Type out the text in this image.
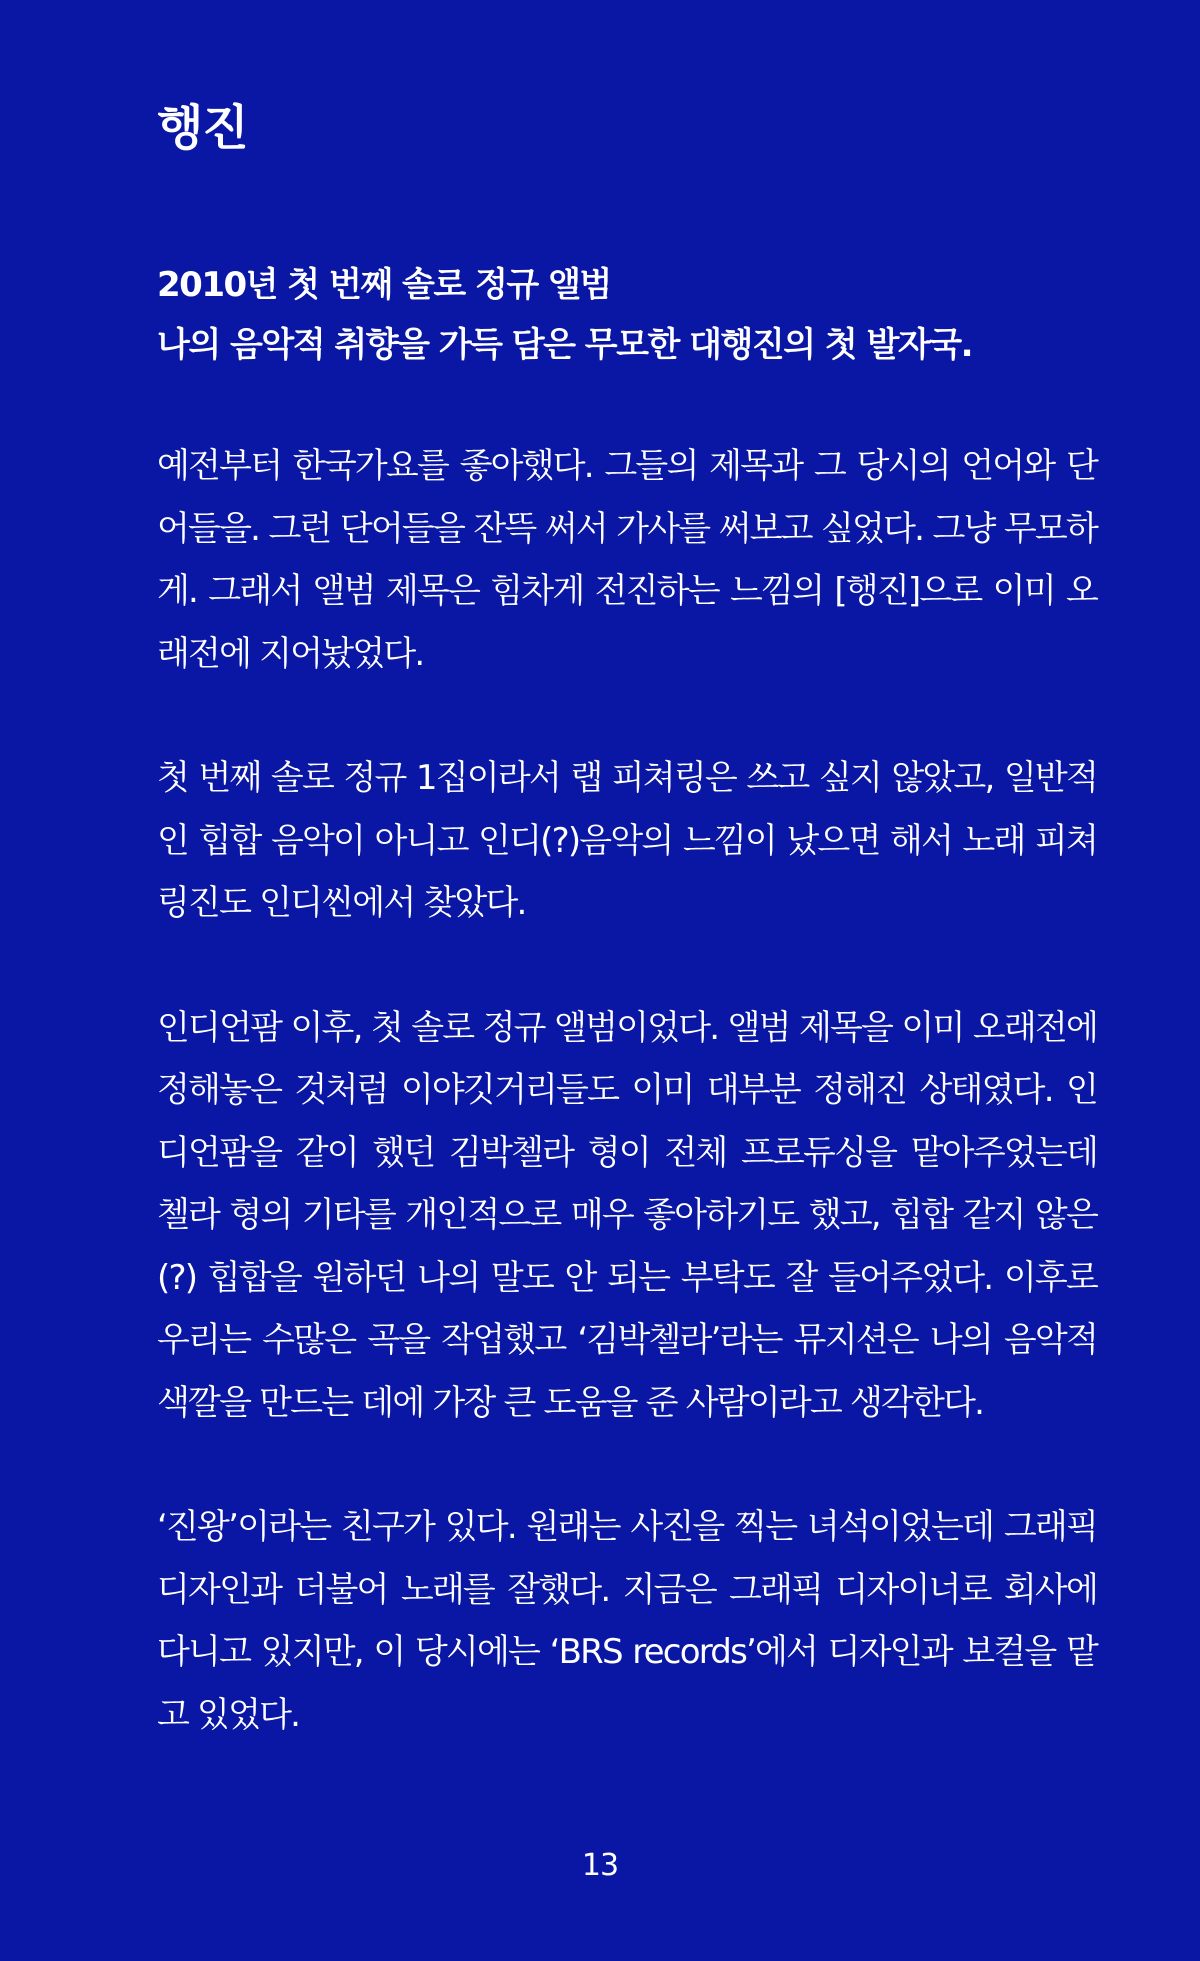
행진
2010년 첫 번째 솔로 정규 앨범
나의 음악적 취향을 가득 담은 무모한 대행진의 첫 발자국.

예전부터 한국가요를 좋아했다. 그들의 제목과 그 당시의 언어와 단어들을. 그런 단어들을 잔뜩 써서 가사를 써보고 싶었다. 그냥 무모하게. 그래서 앨범 제목은 힘차게 전진하는 느낌의 [행진]으로 이미 오래전에 지어놨었다.

첫 번째 솔로 정규 1집이라서 랩 피쳐링은 쓰고 싶지 않았고, 일반적인 힙합 음악이 아니고 인디(?)음악의 느낌이 났으면 해서 노래 피쳐링진도 인디씬에서 찾았다.

인디언팜 이후, 첫 솔로 정규 앨범이었다. 앨범 제목을 이미 오래전에 정해놓은 것처럼 이야깃거리들도 이미 대부분 정해진 상태였다. 인디언팜을 같이 했던 김박첼라 형이 전체 프로듀싱을 맡아주었는데 첼라 형의 기타를 개인적으로 매우 좋아하기도 했고, 힙합 같지 않은(?) 힙합을 원하던 나의 말도 안 되는 부탁도 잘 들어주었다. 이후로 우리는 수많은 곡을 작업했고 ‘김박첼라’라는 뮤지션은 나의 음악적 색깔을 만드는 데에 가장 큰 도움을 준 사람이라고 생각한다.

‘진왕’이라는 친구가 있다. 원래는 사진을 찍는 녀석이었는데 그래픽 디자인과 더불어 노래를 잘했다. 지금은 그래픽 디자이너로 회사에 다니고 있지만, 이 당시에는 ‘BRS records’에서 디자인과 보컬을 맡고 있었다.

13
